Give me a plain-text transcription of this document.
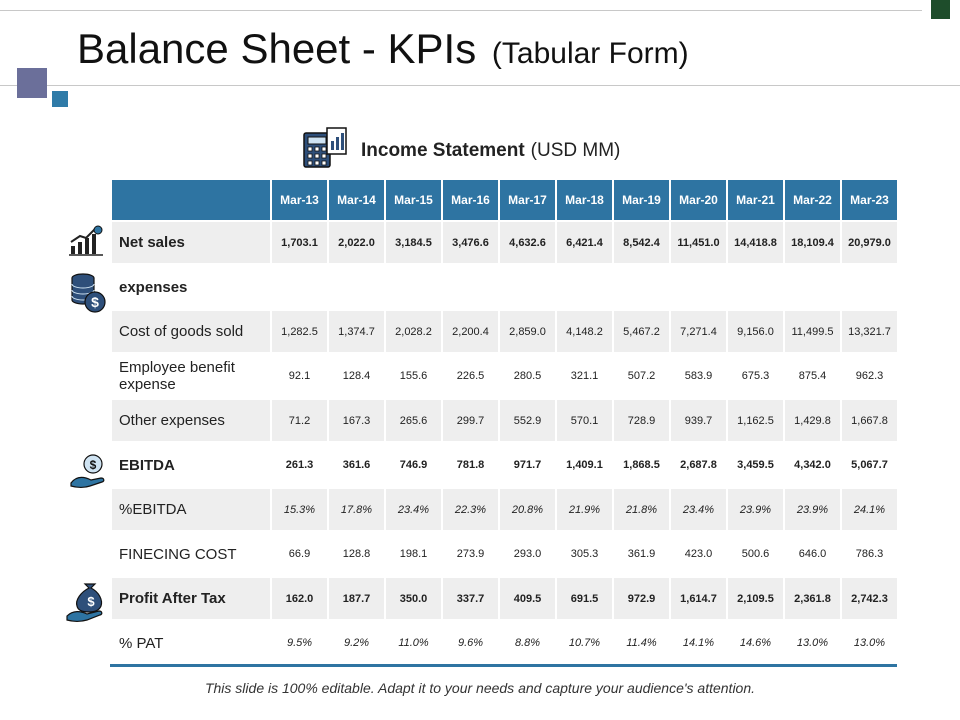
Balance Sheet - KPIs (Tabular Form)
Income Statement (USD MM)
$
$
$
	Mar-13	Mar-14	Mar-15	Mar-16	Mar-17	Mar-18	Mar-19	Mar-20	Mar-21	Mar-22	Mar-23
Net sales	1,703.1	2,022.0	3,184.5	3,476.6	4,632.6	6,421.4	8,542.4	11,451.0	14,418.8	18,109.4	20,979.0
expenses											
Cost of goods sold	1,282.5	1,374.7	2,028.2	2,200.4	2,859.0	4,148.2	5,467.2	7,271.4	9,156.0	11,499.5	13,321.7
Employee benefit expense	92.1	128.4	155.6	226.5	280.5	321.1	507.2	583.9	675.3	875.4	962.3
Other expenses	71.2	167.3	265.6	299.7	552.9	570.1	728.9	939.7	1,162.5	1,429.8	1,667.8
EBITDA	261.3	361.6	746.9	781.8	971.7	1,409.1	1,868.5	2,687.8	3,459.5	4,342.0	5,067.7
%EBITDA	15.3%	17.8%	23.4%	22.3%	20.8%	21.9%	21.8%	23.4%	23.9%	23.9%	24.1%
FINECING COST	66.9	128.8	198.1	273.9	293.0	305.3	361.9	423.0	500.6	646.0	786.3
Profit After Tax	162.0	187.7	350.0	337.7	409.5	691.5	972.9	1,614.7	2,109.5	2,361.8	2,742.3
% PAT	9.5%	9.2%	11.0%	9.6%	8.8%	10.7%	11.4%	14.1%	14.6%	13.0%	13.0%
This slide is 100% editable. Adapt it to your needs and capture your audience's attention.
